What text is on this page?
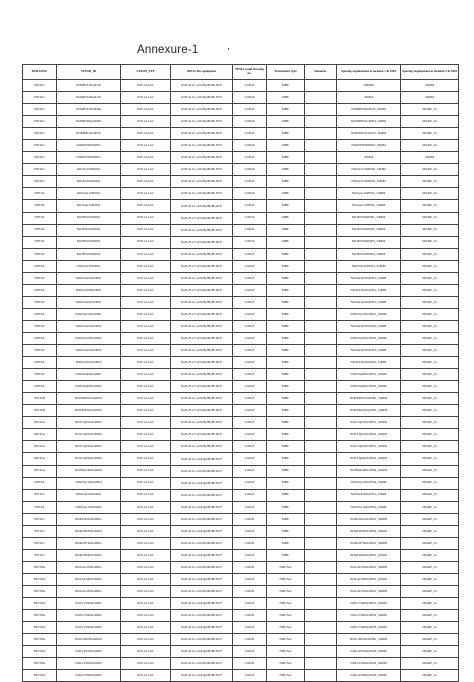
Annexure-1
BUILDING	STAND_ID	STAND_TYP	NPCIL RF equipment	TEMA stand drawing no.	Transmitter type	Remarks	Spacing requirement at location 1 in MM	Spacing requirement at location 2 in MM
NFCKC	NOKB2510GD102	JLH-14-1AC	SGPS-D-2-L-ASS-Bp/Bb/Bb-RV-F	212645	MBE		500MM	54MM
NFCKC	NOKB2520GD102	JLH-14-1AC	SGPS-D-2-L-ASS-Bp/Bb/Bb-RV-F	212645	MBE		54MM	54MM
NFCKC	NOKB7010GD506	JLH-14-1AC	SGPS-D-2-L-ASS-Bp/Bb/Bb-RV-F	212645	MBE		NOKB87#0GP010_54MM	SPARE_54
NFCKC	NOKB7002GD005	JLH-14-1AC	SGPS-D-2-L-ASS-Bp/Bb/Bb-RV-F	212645	MBE		NOKB5001GD004_54MM	SPARE_54
NFCKC	NOKB8110GD010	JLH-14-1AC	SGPS-D-2-L-ASS-Bp/Bb/Bb-RV-F	212645	MBE		NOKB8119GD010_54MM	SPARE_54
NFCKC	NOKPF0002D003	JLH-14-1AC	SGPS-D-2-L-ASS-Bp/Bb/Bb-RV-F	212645	MBE		NOKPF0002D003_54MM	SPARE_54
NFCKC	NOKPF0002D003	JLH-14-1AC	SGPS-D-2-L-ASS-Bp/Bb/Bb-RV-F	212645	MBE		54MM	54MM
NFCKC	NOJAC0102D002	JLH-14-1AC	SGPS-D-2-L-ASS-Bp/Bb/Bb-RV-F	212645	MBE		NOJAC0102D002_54MM	SPARE_54
NFCKC	NOJAC0102D002	JLH-14-1AC	SGPS-D-2-L-ASS-Bp/Bb/Bb-RV-F	212645	MBE		NOJAC0102D003_54MM	SPARE_54
NFETA	NOJAA1102D001	JLH-14-1AC	SGPS-D-2-L-ASS-Bp/Bb/Bb-RV-F	212645	MBE		NOJAA1102P001_54MM	SPARE_54
NFETA	NOJAA1102D002	JLH-14-1AC	SGPS-D-2-L-ASS-Bp/Bb/Bb-RV-F	212645	MBE		NOJAA1102P002_54MM	SPARE_54
NFETA	NOJEN1602D001	JLH-14-1AC	SGPS-D-2-L-ASS-Bp/Bb/Bb-RV-F	212645	MBE		NOJEN1602P001_54MM	SPARE_54
NFETA	NOJEN1602D002	JLH-14-1AC	SGPS-D-2-L-ASS-Bp/Bb/Bb-RV-F	212645	MBE		NOJEN1602P002_54MM	SPARE_54
NFETA	NOJEN1602D003	JLH-14-1AC	SGPS-D-2-L-ASS-Bp/Bb/Bb-RV-F	212645	MBE		NOJEN1602P003_54MM	SPARE_54
NFETA	NOJEN1602D004	JLH-14-1AC	SGPS-D-2-L-ASS-Bp/Bb/Bb-RV-F	212645	MBE		NOJEN1602P004_54MM	SPARE_54
NFETA	NOJNA1002D001	JLH-14-1AC	SGPS-D-2-L-ASS-Bp/Bb/Bb-RV-F	212645	MBE		NOJNA1002P001_54MM	SPARE_54
NFETA	NOJKL2010GD001	JLH-14-1AC	SGPS-D-2-L-ASS-Bp/Bb/Bb-RV-F	212645	MBE		NOJKL2010GP001_54MM	SPARE_54
NFETA	NOJKL2020GD001	JLH-14-1AC	SGPS-D-2-L-ASS-Bp/Bb/Bb-RV-F	212645	MBE		NOJKL2020GP001_54MM	SPARE_54
NFETA	NOJKL2022GD001	JLH-14-1AC	SGPS-D-2-L-ASS-Bp/Bb/Bb-RV-F	212645	MBE		NOJKL2022GP001_54MM	SPARE_54
NFETA	NOJNA2102GD001	JLH-14-1AC	SGPS-D-2-L-ASS-Bp/Bb/Bb-RV-F	212645	MBE		NOJNA2102GP001_54MM	SPARE_54
NFETA	NOJKL2010GD002	JLH-14-1AC	SGPS-D-2-L-ASS-Bp/Bb/Bb-RV-F	212645	MBE		NOJKL2010GP002_54MM	SPARE_54
NFETA	NOJNA1002GD002	JLH-14-1AC	SGPS-D-2-L-ASS-Bp/Bb/Bb-RV-F	212645	MBE		NOJNA1002GP002_54MM	SPARE_54
NFETA	NOJKL2010GD003	JLH-14-1AC	SGPS-D-2-L-ASS-Bp/Bb/Bb-RV-F	212645	MBE		NOJKL2010GP003_54MM	SPARE_54
NFETA	NOJKL2022GD002	JLH-14-1AC	SGPS-D-2-L-ASS-Bp/Bb/Bb-RV-F	212645	MBE		NOJKL2022GP002_54MM	SPARE_54
NFETA	NOJNA4002GD001	JLH-14-1AC	SGPS-D-2-L-ASS-Bp/Bb/Bb-RV-F	212645	MBE		NOJNA4002GP001_54MM	SPARE_54
NFETA	NOJNA4002GD002	JLH-14-1AC	SGPS-D-2-L-ASS-Bp/Bb/Bb-RV-F	212645	MBE		NOJNA4002GP002_54MM	SPARE_54
NFCKB	NOKPM2102GD001	JLH-14-1AC	SGPS-D-2-L-ASS-Bp/Bb/Bb-RV-F	212645	MBE		NOKPM2102GP001_54MM	SPARE_54
NFCKB	NOKPM2202GD001	JLH-14-1AC	SGPS-D-2-L-ASS-Bp/Bb/Bb-RV-F	212645	MBE		NOKPM2202GP001_54MM	SPARE_54
NFCKA	NOLCQ0102GD001	JLH-14-1AC	SGPS-D-2-L-ASS-Bp/Bb/Bb-RV-F	212645	MBE		NOLCQ0102GP001_54MM	SPARE_54
NFCKA	NOLCQ0102GD002	JLH-14-1AC	SGPS-D-2-L-ASS-Bp/Bb/Bb-RV-F	212645	MBE		NOLCQ0102GP002_54MM	SPARE_54
NFCKA	NOLCQ0202GD001	JLH-14-1AC	SGPS-D-2-L-ASS-Bp/Bb/Bb-RV-F	212645	MBE		NOLCQ0202GP001_54MM	SPARE_54
NFCKA	NOLCQ0202GD002	JLH-14-1AC	SGPS-D-2-L-ASS-Bp/Bb/Bb-RV-F	212645	MBE		NOLCQ0202GP002_54MM	SPARE_54
NFCKA	NOJMA1002GD004	JLH-14-1AC	SGPS-D-2-L-ASS-Bp/Bb/Bb-RV-F	212645	MBE		NOJMA1002GP004_54MM	SPARE_54
NFETA	NOJNA1102GD004	JLH-14-1AC	SGPS-D-2-L-ASS-Bp/Bb/Bb-RV-F	212645	MBE		NOJNA1102GP004_54MM	SPARE_54
NFCKC	NOJKL8102GD001	JLH-14-1AC	SGPS-D-2-L-ASS-Bp/Bb/Bb-RV-F	212645	MBE		NOJKL8102GP001_54MM	SPARE_54
NFETA	NOJNA1102GD002	JLH-14-1AC	SGPS-D-2-L-ASS-Bp/Bb/Bb-RV-F	212645	MBE		NOJNA1102GP002_54MM	SPARE_54
NFCKC	NOKLB4102GD001	JLH-14-1AC	SGPS-D-2-L-ASS-Bp/Bb/Bb-RV-F	212645	MBE		NOKLB4102GP001_54MM	SPARE_54
NFCKC	NOKLB0502GD004	JLH-14-1AC	SGPS-D-2-L-ASS-Bp/Bb/Bb-RV-F	212645	MBE		NOKLB0502GP004_54MM	SPARE_54
NFCKC	NOKLB7602GD001	JLH-14-1AC	SGPS-D-2-L-ASS-Bp/Bb/Bb-RV-F	212645	MBE		NOKLB7602GP001_54MM	SPARE_54
NFCKC	NOKLB0402GD001	JLH-14-1AC	SGPS-D-2-L-ASS-Bp/Bb/Bb-RV-F	212645	MBE		NOKLB0402GP001_54MM	SPARE_54
NFCMA	NOLAC0302GD001	JLH-14-1AC	SGPS-D-2-L-ASS-Bp/Bb/Bb-RV-F	212645	NRE-NA		NOLAC0302GP001_54MM	SPARE_54
NFCMA	NOLAC0402GD001	JLH-14-1AC	SGPS-D-2-L-ASS-Bp/Bb/Bb-RV-F	212645	NRE-NA		NOLAC0402GP001_54MM	SPARE_54
NFCMA	NOLAC0502GD001	JLH-14-1AC	SGPS-D-2-L-ASS-Bp/Bb/Bb-RV-F	212645	NRE-NA		NOLAC0502GP001_54MM	SPARE_54
NFCMA	NOLCT0402GD001	JLH-14-1AC	SGPS-D-2-L-ASS-Bp/Bb/Bb-RV-F	212645	NRE-NA		NOLCT0402GP001_54MM	SPARE_54
NFCMA	NOLCT0402GD002	JLH-14-1AC	SGPS-D-2-L-ASS-Bp/Bb/Bb-RV-F	212645	NRE-NA		NOLCT0402GP002_54MM	SPARE_54
NFCMA	NOLCT0402GD003	JLH-14-1AC	SGPS-D-2-L-ASS-Bp/Bb/Bb-RV-F	212645	NRE-NA		NOLCT0402GP003_54MM	SPARE_54
NFCMA	NOLCM0502GD001	JLH-14-1AC	SGPS-D-2-L-ASS-Bp/Bb/Bb-RV-F	212645	NRE-NA		NOLCM0502GP001_54MM	SPARE_54
NFCMA	NOLCP0102GD003	JLH-14-1AC	SGPS-D-2-L-ASS-Bp/Bb/Bb-RV-F	212645	NRE-NA		NOLCP0102GP003_54MM	SPARE_54
NFCMA	NOLCP0202GD003	JLH-14-1AC	SGPS-D-2-L-ASS-Bp/Bb/Bb-RV-F	212645	NRE-NA		NOLCP0202GP003_54MM	SPARE_54
NFCMA	NOLCP0302GD003	JLH-14-1AC	SGPS-D-2-L-ASS-Bp/Bb/Bb-RV-F	212645	NRE-NA		NOLCP0302GP003_54MM	SPARE_54
